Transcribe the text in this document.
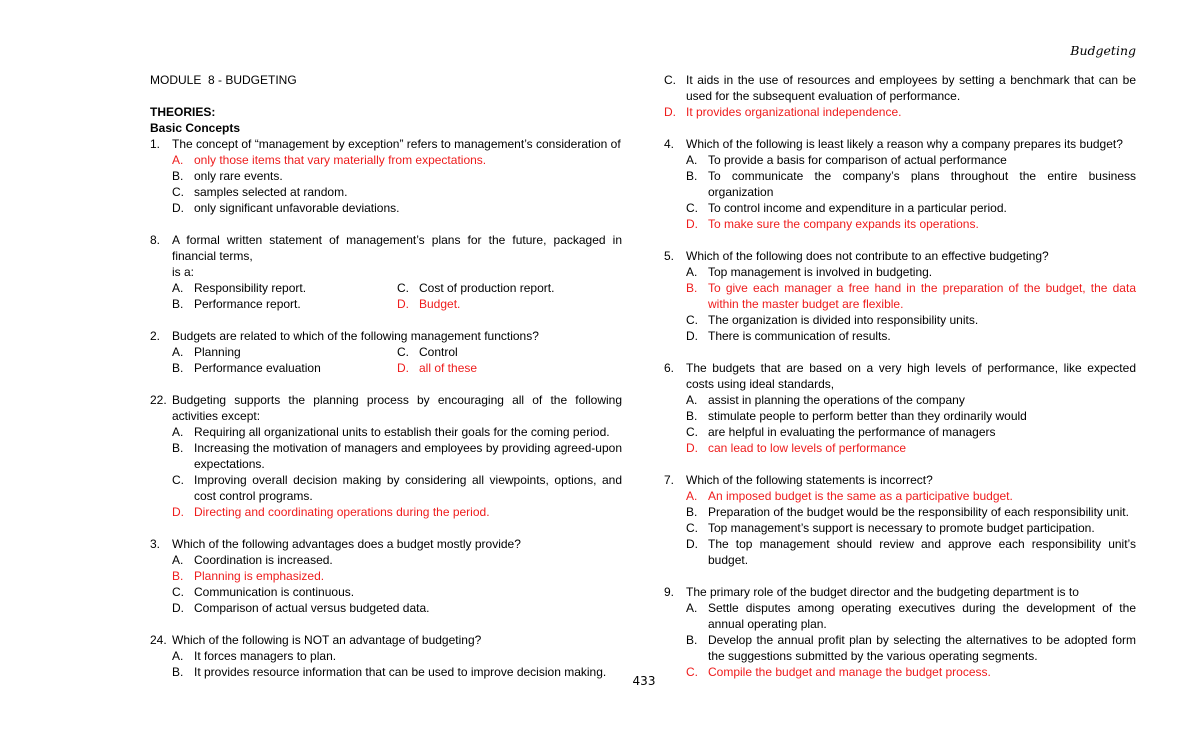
Budgeting
MODULE  8 - BUDGETING
THEORIES:
Basic Concepts
1. The concept of “management by exception” refers to management’s consideration of
A. only those items that vary materially from expectations.
B. only rare events.
C. samples selected at random.
D. only significant unfavorable deviations.
8. A formal written statement of management’s plans for the future, packaged in financial terms,
is a:
A. Responsibility report.	C. Cost of production report.
B. Performance report.	D. Budget.
2. Budgets are related to which of the following management functions?
A. Planning	C. Control
B. Performance evaluation	D. all of these
22. Budgeting supports the planning process by encouraging all of the following activities except:
A. Requiring all organizational units to establish their goals for the coming period.
B. Increasing the motivation of managers and employees by providing agreed-upon expectations.
C. Improving overall decision making by considering all viewpoints, options, and cost control programs.
D. Directing and coordinating operations during the period.
3. Which of the following advantages does a budget mostly provide?
A. Coordination is increased.
B. Planning is emphasized.
C. Communication is continuous.
D. Comparison of actual versus budgeted data.
24. Which of the following is NOT an advantage of budgeting?
A. It forces managers to plan.
B. It provides resource information that can be used to improve decision making.
C. It aids in the use of resources and employees by setting a benchmark that can be used for the subsequent evaluation of performance.
D. It provides organizational independence.
4. Which of the following is least likely a reason why a company prepares its budget?
A. To provide a basis for comparison of actual performance
B. To communicate the company’s plans throughout the entire business organization
C. To control income and expenditure in a particular period.
D. To make sure the company expands its operations.
5. Which of the following does not contribute to an effective budgeting?
A. Top management is involved in budgeting.
B. To give each manager a free hand in the preparation of the budget, the data within the master budget are flexible.
C. The organization is divided into responsibility units.
D. There is communication of results.
6. The budgets that are based on a very high levels of performance, like expected costs using ideal standards,
A. assist in planning the operations of the company
B. stimulate people to perform better than they ordinarily would
C. are helpful in evaluating the performance of managers
D. can lead to low levels of performance
7. Which of the following statements is incorrect?
A. An imposed budget is the same as a participative budget.
B. Preparation of the budget would be the responsibility of each responsibility unit.
C. Top management’s support is necessary to promote budget participation.
D. The top management should review and approve each responsibility unit’s budget.
9. The primary role of the budget director and the budgeting department is to
A. Settle disputes among operating executives during the development of the annual operating plan.
B. Develop the annual profit plan by selecting the alternatives to be adopted form the suggestions submitted by the various operating segments.
C. Compile the budget and manage the budget process.
433
